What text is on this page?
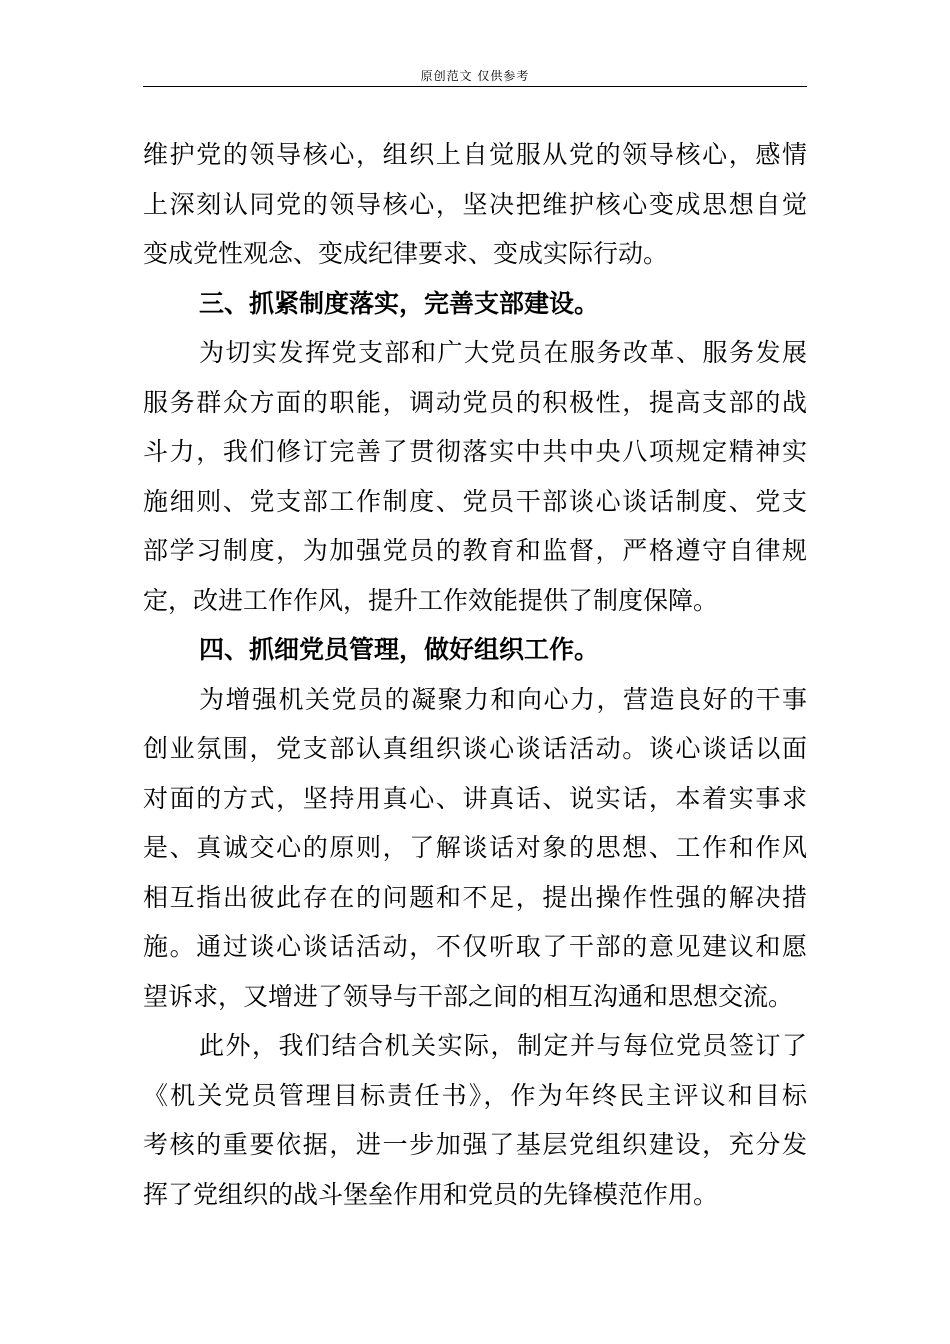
原创范文 仅供参考
维护党的领导核心，组织上自觉服从党的领导核心，感情
上深刻认同党的领导核心，坚决把维护核心变成思想自觉
变成党性观念、变成纪律要求、变成实际行动。
三、抓紧制度落实，完善支部建设。
为切实发挥党支部和广大党员在服务改革、服务发展
服务群众方面的职能，调动党员的积极性，提高支部的战
斗力，我们修订完善了贯彻落实中共中央八项规定精神实
施细则、党支部工作制度、党员干部谈心谈话制度、党支
部学习制度，为加强党员的教育和监督，严格遵守自律规
定，改进工作作风，提升工作效能提供了制度保障。
四、抓细党员管理，做好组织工作。
为增强机关党员的凝聚力和向心力，营造良好的干事
创业氛围，党支部认真组织谈心谈话活动。谈心谈话以面
对面的方式，坚持用真心、讲真话、说实话，本着实事求
是、真诚交心的原则，了解谈话对象的思想、工作和作风
相互指出彼此存在的问题和不足，提出操作性强的解决措
施。通过谈心谈话活动，不仅听取了干部的意见建议和愿
望诉求，又增进了领导与干部之间的相互沟通和思想交流。
此外，我们结合机关实际，制定并与每位党员签订了
《机关党员管理目标责任书》，作为年终民主评议和目标
考核的重要依据，进一步加强了基层党组织建设，充分发
挥了党组织的战斗堡垒作用和党员的先锋模范作用。
